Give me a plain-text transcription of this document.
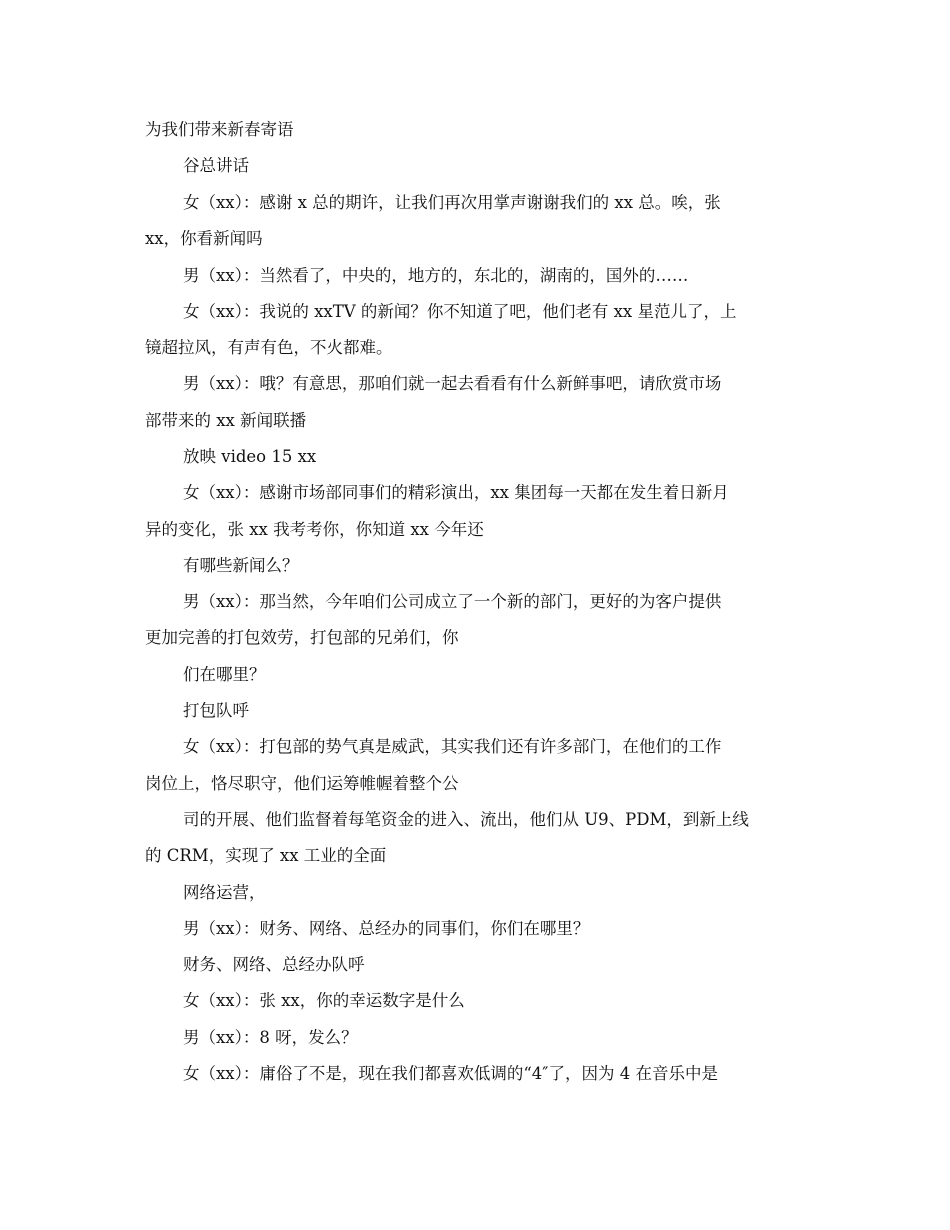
为我们带来新春寄语
谷总讲话
女（xx）：感谢 x 总的期许，让我们再次用掌声谢谢我们的 xx 总。唉，张
xx，你看新闻吗
男（xx）：当然看了，中央的，地方的，东北的，湖南的，国外的……
女（xx）：我说的 xxTV 的新闻？你不知道了吧，他们老有 xx 星范儿了，上
镜超拉风，有声有色，不火都难。
男（xx）：哦？有意思，那咱们就一起去看看有什么新鲜事吧，请欣赏市场
部带来的 xx 新闻联播
放映 video 15 xx
女（xx）：感谢市场部同事们的精彩演出，xx 集团每一天都在发生着日新月
异的变化，张 xx 我考考你，你知道 xx 今年还
有哪些新闻么？
男（xx）：那当然，今年咱们公司成立了一个新的部门，更好的为客户提供
更加完善的打包效劳，打包部的兄弟们，你
们在哪里？
打包队呼
女（xx）：打包部的势气真是威武，其实我们还有许多部门，在他们的工作
岗位上，恪尽职守，他们运筹帷幄着整个公
司的开展、他们监督着每笔资金的进入、流出，他们从 U9、PDM，到新上线
的 CRM，实现了 xx 工业的全面
网络运营，
男（xx）：财务、网络、总经办的同事们，你们在哪里？
财务、网络、总经办队呼
女（xx）：张 xx，你的幸运数字是什么
男（xx）：8 呀，发么？
女（xx）：庸俗了不是，现在我们都喜欢低调的“4″了，因为 4 在音乐中是
